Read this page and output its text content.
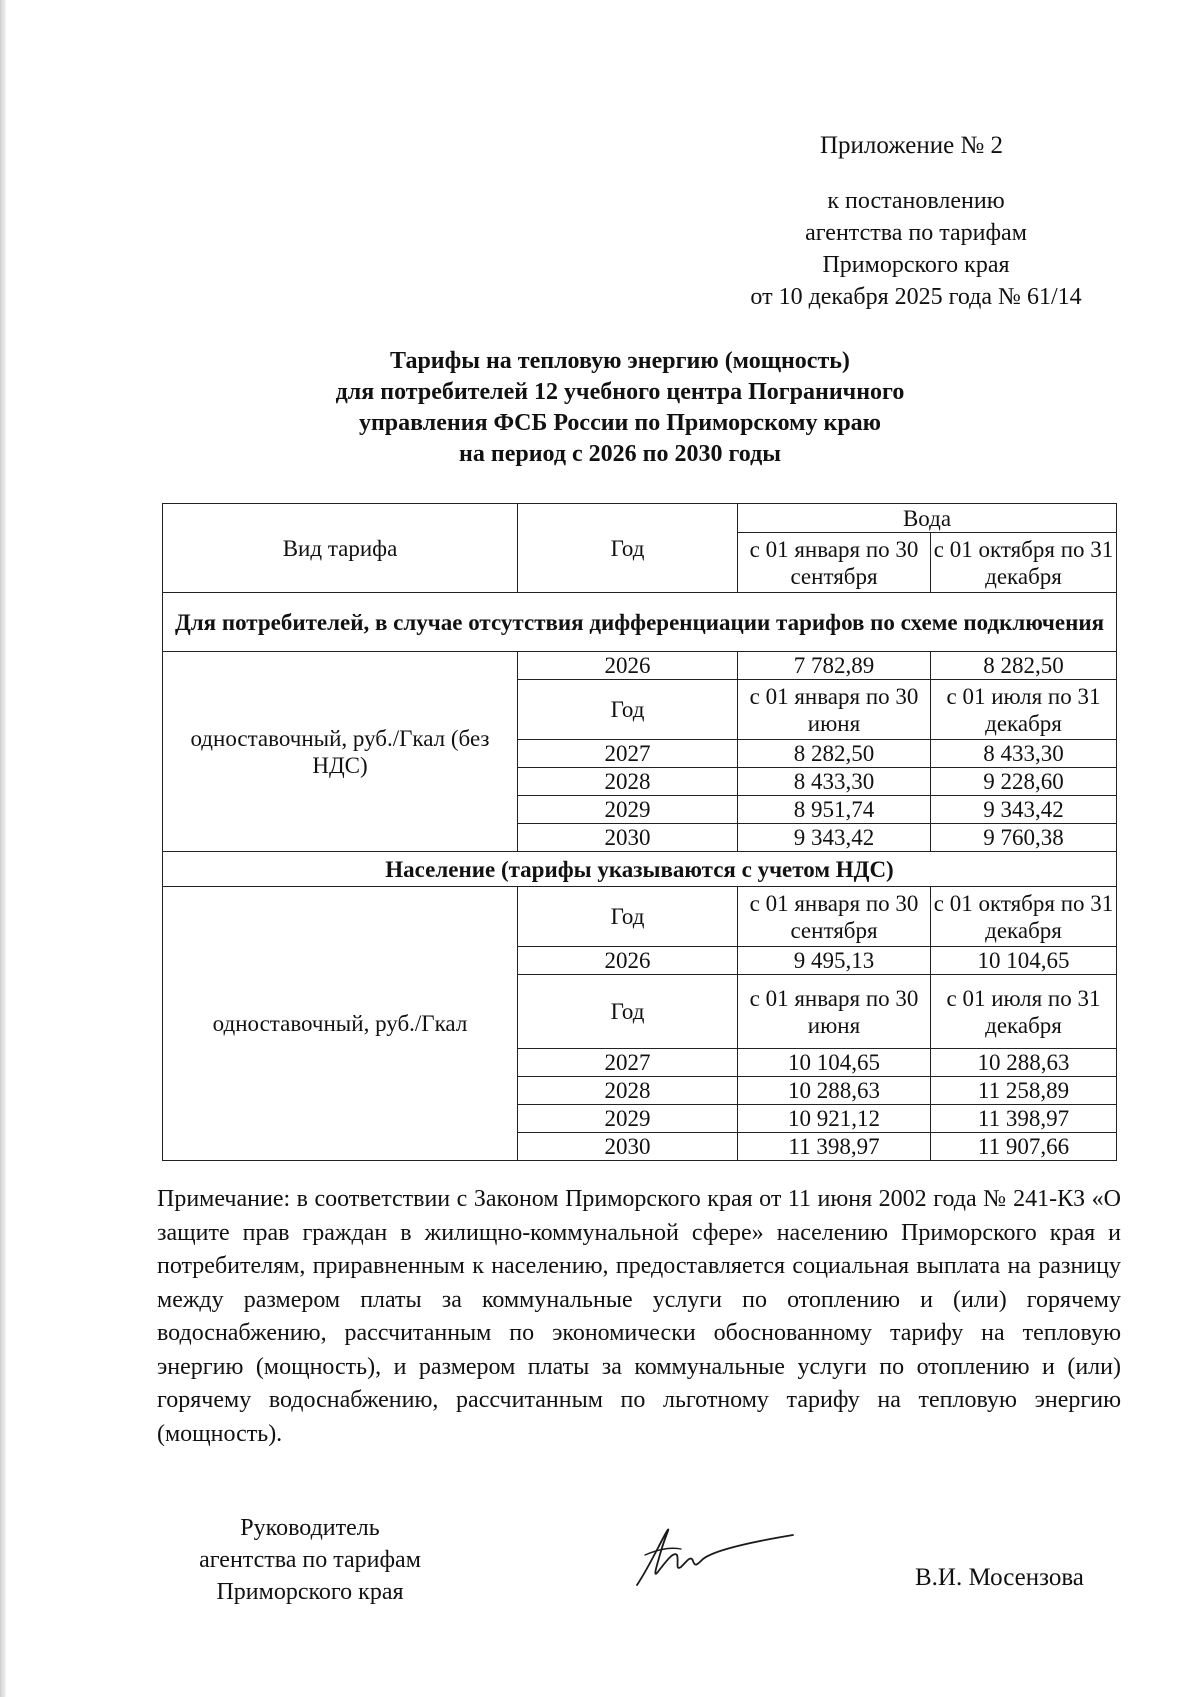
Приложение № 2
к постановлению
агентства по тарифам
Приморского края
от 10 декабря 2025 года № 61/14
Тарифы на тепловую энергию (мощность)
для потребителей 12 учебного центра Пограничного
управления ФСБ России по Приморскому краю
на период с 2026 по 2030 годы
Вид тарифа	Год	Вода	
		с 01 января по 30 сентября	с 01 октября по 31 декабря
Для потребителей, в случае отсутствия дифференциации тарифов по схеме подключения			
одноставочный, руб./Гкал (без НДС)	2026	7 782,89	8 282,50
	Год	с 01 января по 30 июня	с 01 июля по 31 декабря
	2027	8 282,50	8 433,30
	2028	8 433,30	9 228,60
	2029	8 951,74	9 343,42
	2030	9 343,42	9 760,38

Население (тарифы указываются с учетом НДС)			
одноставочный, руб./Гкал	Год	с 01 января по 30 сентября	с 01 октября по 31 декабря
	2026	9 495,13	10 104,65
	Год	с 01 января по 30 июня	с 01 июля по 31 декабря
	2027	10 104,65	10 288,63
	2028	10 288,63	11 258,89
	2029	10 921,12	11 398,97
	2030	11 398,97	11 907,66
Примечание: в соответствии с Законом Приморского края от 11 июня 2002 года № 241-КЗ «О защите прав граждан в жилищно-коммунальной сфере» населению Приморского края и потребителям, приравненным к населению, предоставляется социальная выплата на разницу между размером платы за коммунальные услуги по отоплению и (или) горячему водоснабжению, рассчитанным по экономически обоснованному тарифу на тепловую энергию (мощность), и размером платы за коммунальные услуги по отоплению и (или) горячему водоснабжению, рассчитанным по льготному тарифу на тепловую энергию (мощность).
Руководитель
агентства по тарифам
Приморского края
В.И. Мосензова
